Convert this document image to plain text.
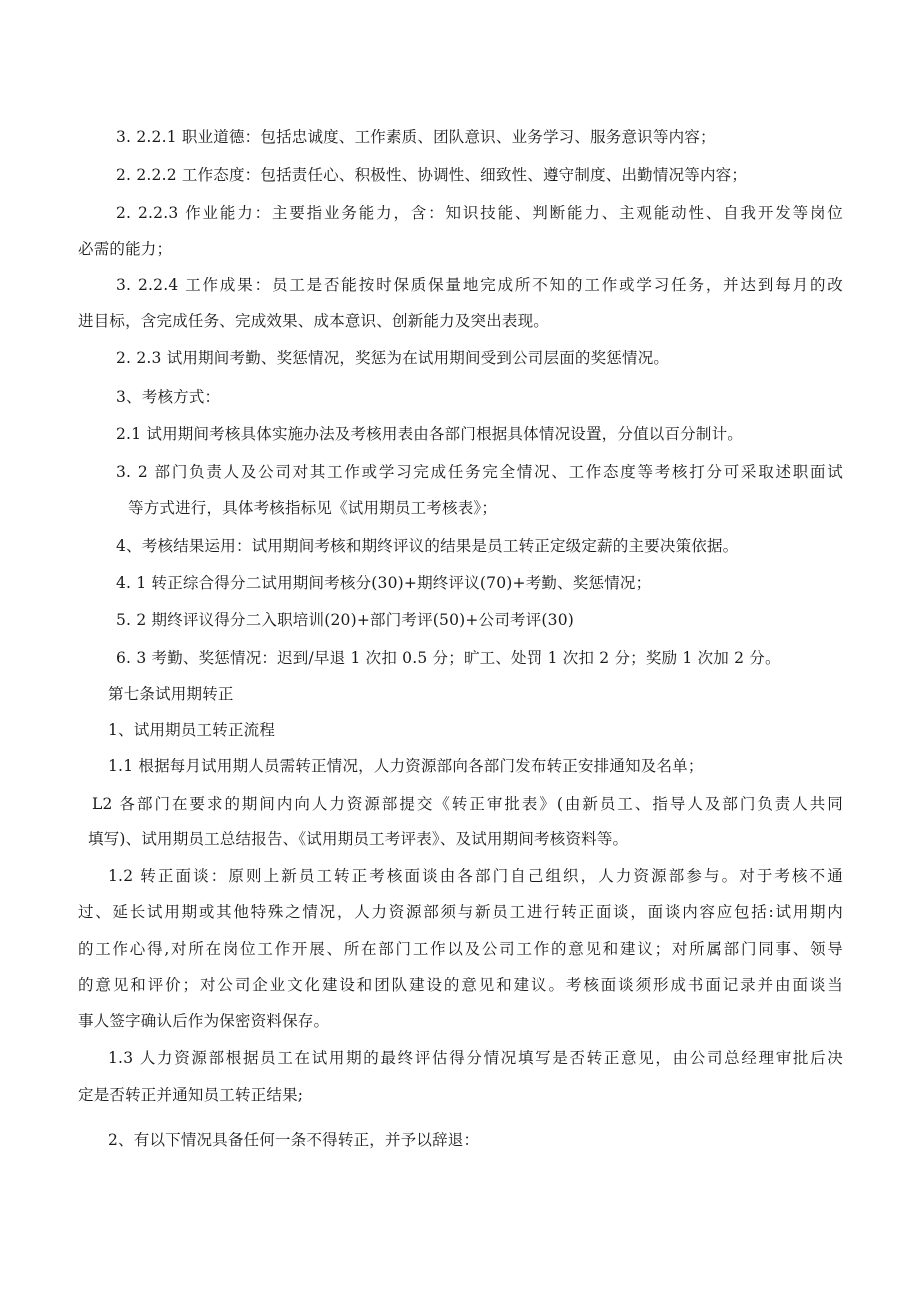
3. 2.2.1 职业道德：包括忠诚度、工作素质、团队意识、业务学习、服务意识等内容；
2. 2.2.2 工作态度：包括责任心、积极性、协调性、细致性、遵守制度、出勤情况等内容；
2. 2.2.3 作业能力：主要指业务能力，含：知识技能、判断能力、主观能动性、自我开发等岗位
必需的能力；
3. 2.2.4 工作成果：员工是否能按时保质保量地完成所不知的工作或学习任务，并达到每月的改
进目标，含完成任务、完成效果、成本意识、创新能力及突出表现。
2. 2.3 试用期间考勤、奖惩情况，奖惩为在试用期间受到公司层面的奖惩情况。
3、考核方式：
2.1 试用期间考核具体实施办法及考核用表由各部门根据具体情况设置，分值以百分制计。
3. 2 部门负责人及公司对其工作或学习完成任务完全情况、工作态度等考核打分可采取述职面试
等方式进行，具体考核指标见《试用期员工考核表》；
4、考核结果运用：试用期间考核和期终评议的结果是员工转正定级定薪的主要决策依据。
4. 1 转正综合得分二试用期间考核分(30)+期终评议(70)+考勤、奖惩情况；
5. 2 期终评议得分二入职培训(20)+部门考评(50)+公司考评(30)
6. 3 考勤、奖惩情况：迟到/早退 1 次扣 0.5 分；旷工、处罚 1 次扣 2 分；奖励 1 次加 2 分。
第七条试用期转正
1、试用期员工转正流程
1.1 根据每月试用期人员需转正情况，人力资源部向各部门发布转正安排通知及名单；
L2 各部门在要求的期间内向人力资源部提交《转正审批表》(由新员工、指导人及部门负责人共同
填写)、试用期员工总结报告、《试用期员工考评表》、及试用期间考核资料等。
1.2 转正面谈：原则上新员工转正考核面谈由各部门自己组织，人力资源部参与。对于考核不通
过、延长试用期或其他特殊之情况，人力资源部须与新员工进行转正面谈，面谈内容应包括:试用期内
的工作心得,对所在岗位工作开展、所在部门工作以及公司工作的意见和建议；对所属部门同事、领导
的意见和评价；对公司企业文化建设和团队建设的意见和建议。考核面谈须形成书面记录并由面谈当
事人签字确认后作为保密资料保存。
1.3 人力资源部根据员工在试用期的最终评估得分情况填写是否转正意见，由公司总经理审批后决
定是否转正并通知员工转正结果;
2、有以下情况具备任何一条不得转正，并予以辞退：
